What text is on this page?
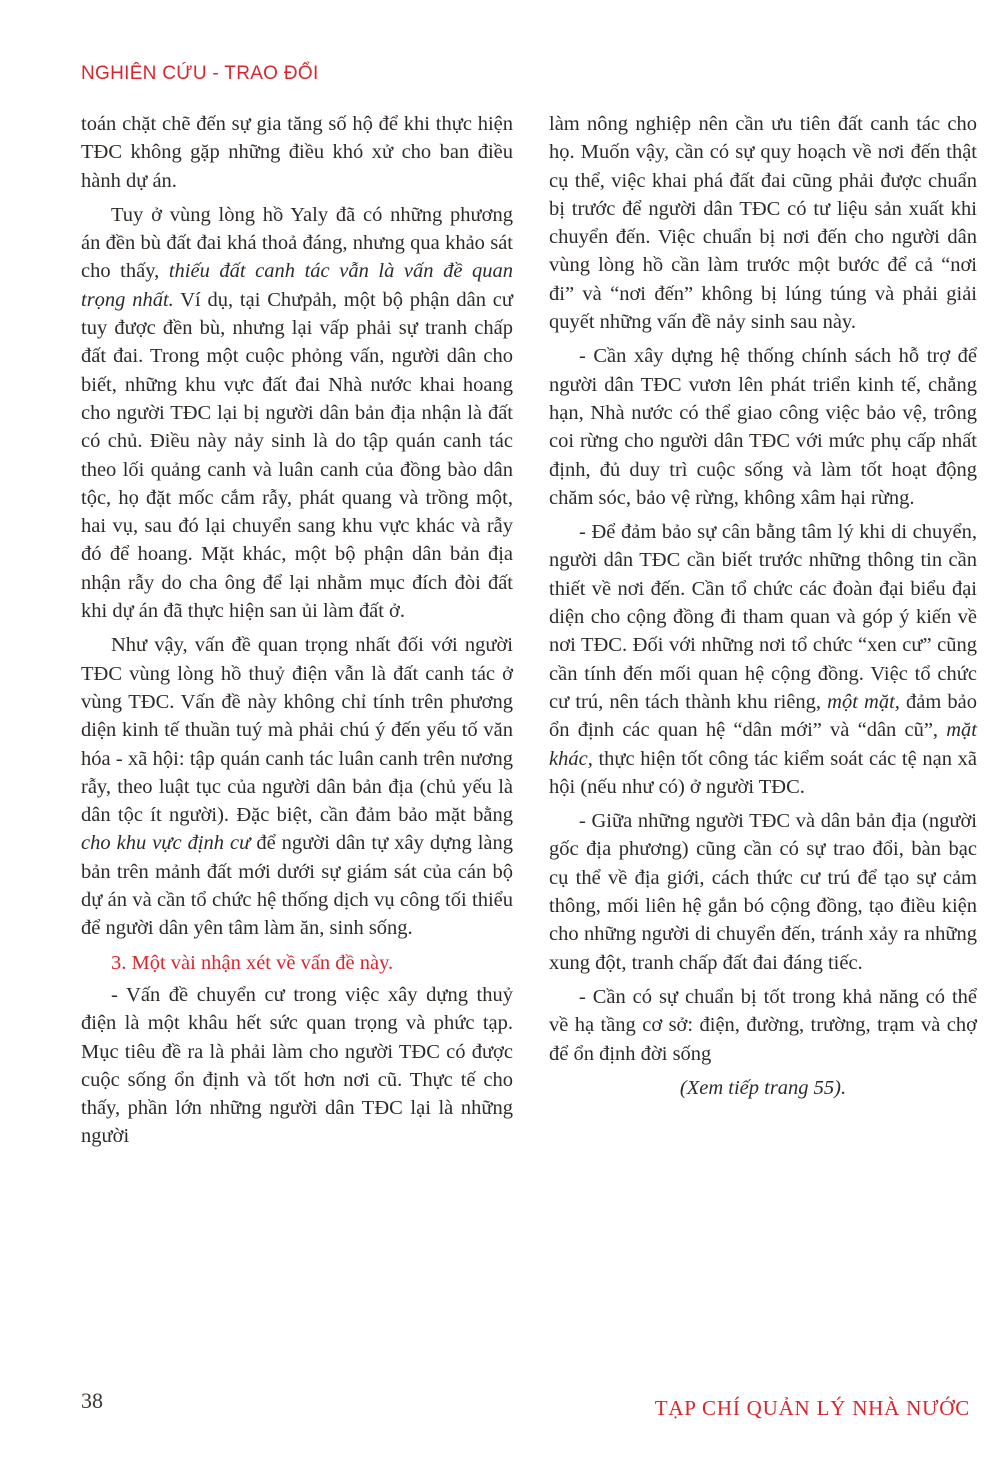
NGHIÊN CỨU - TRAO ĐỔI

toán chặt chẽ đến sự gia tăng số hộ để khi thực hiện TĐC không gặp những điều khó xử cho ban điều hành dự án.

Tuy ở vùng lòng hồ Yaly đã có những phương án đền bù đất đai khá thoả đáng, nhưng qua khảo sát cho thấy, thiếu đất canh tác vẫn là vấn đề quan trọng nhất. Ví dụ, tại Chưpảh, một bộ phận dân cư tuy được đền bù, nhưng lại vấp phải sự tranh chấp đất đai. Trong một cuộc phỏng vấn, người dân cho biết, những khu vực đất đai Nhà nước khai hoang cho người TĐC lại bị người dân bản địa nhận là đất có chủ. Điều này nảy sinh là do tập quán canh tác theo lối quảng canh và luân canh của đồng bào dân tộc, họ đặt mốc cắm rẫy, phát quang và trồng một, hai vụ, sau đó lại chuyển sang khu vực khác và rẫy đó để hoang. Mặt khác, một bộ phận dân bản địa nhận rẫy do cha ông để lại nhằm mục đích đòi đất khi dự án đã thực hiện san ủi làm đất ở.

Như vậy, vấn đề quan trọng nhất đối với người TĐC vùng lòng hồ thuỷ điện vẫn là đất canh tác ở vùng TĐC. Vấn đề này không chỉ tính trên phương diện kinh tế thuần tuý mà phải chú ý đến yếu tố văn hóa - xã hội: tập quán canh tác luân canh trên nương rẫy, theo luật tục của người dân bản địa (chủ yếu là dân tộc ít người). Đặc biệt, cần đảm bảo mặt bằng cho khu vực định cư để người dân tự xây dựng làng bản trên mảnh đất mới dưới sự giám sát của cán bộ dự án và cần tổ chức hệ thống dịch vụ công tối thiểu để người dân yên tâm làm ăn, sinh sống.

3. Một vài nhận xét về vấn đề này.

- Vấn đề chuyển cư trong việc xây dựng thuỷ điện là một khâu hết sức quan trọng và phức tạp. Mục tiêu đề ra là phải làm cho người TĐC có được cuộc sống ổn định và tốt hơn nơi cũ. Thực tế cho thấy, phần lớn những người dân TĐC lại là những người

làm nông nghiệp nên cần ưu tiên đất canh tác cho họ. Muốn vậy, cần có sự quy hoạch về nơi đến thật cụ thể, việc khai phá đất đai cũng phải được chuẩn bị trước để người dân TĐC có tư liệu sản xuất khi chuyển đến. Việc chuẩn bị nơi đến cho người dân vùng lòng hồ cần làm trước một bước để cả “nơi đi” và “nơi đến” không bị lúng túng và phải giải quyết những vấn đề nảy sinh sau này.

- Cần xây dựng hệ thống chính sách hỗ trợ để người dân TĐC vươn lên phát triển kinh tế, chẳng hạn, Nhà nước có thể giao công việc bảo vệ, trông coi rừng cho người dân TĐC với mức phụ cấp nhất định, đủ duy trì cuộc sống và làm tốt hoạt động chăm sóc, bảo vệ rừng, không xâm hại rừng.

- Để đảm bảo sự cân bằng tâm lý khi di chuyển, người dân TĐC cần biết trước những thông tin cần thiết về nơi đến. Cần tổ chức các đoàn đại biểu đại diện cho cộng đồng đi tham quan và góp ý kiến về nơi TĐC. Đối với những nơi tổ chức “xen cư” cũng cần tính đến mối quan hệ cộng đồng. Việc tổ chức cư trú, nên tách thành khu riêng, một mặt, đảm bảo ổn định các quan hệ “dân mới” và “dân cũ”, mặt khác, thực hiện tốt công tác kiểm soát các tệ nạn xã hội (nếu như có) ở người TĐC.

- Giữa những người TĐC và dân bản địa (người gốc địa phương) cũng cần có sự trao đổi, bàn bạc cụ thể về địa giới, cách thức cư trú để tạo sự cảm thông, mối liên hệ gắn bó cộng đồng, tạo điều kiện cho những người di chuyển đến, tránh xảy ra những xung đột, tranh chấp đất đai đáng tiếc.

- Cần có sự chuẩn bị tốt trong khả năng có thể về hạ tầng cơ sở: điện, đường, trường, trạm và chợ để ổn định đời sống

(Xem tiếp trang 55).

38	TẠP CHÍ QUẢN LÝ NHÀ NƯỚC
